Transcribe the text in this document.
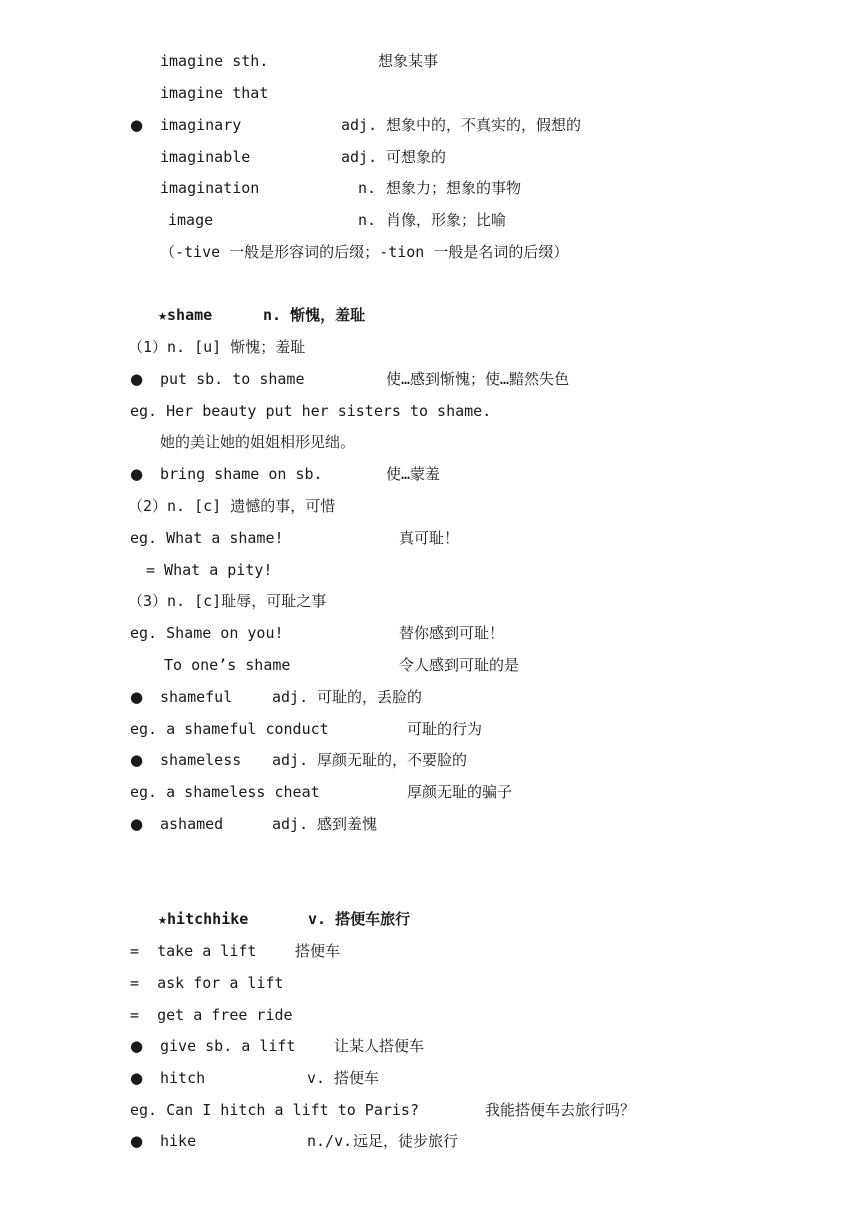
imagine sth.	想象某事
imagine that
● imaginary	adj. 想象中的，不真实的，假想的
imaginable	adj. 可想象的
imagination	n. 想象力；想象的事物
image	n. 肖像，形象；比喻
（-tive 一般是形容词的后缀；-tion 一般是名词的后缀）
★shame	n. 惭愧，羞耻
（1）n. [u] 惭愧；羞耻
● put sb. to shame	使…感到惭愧；使…黯然失色
eg. Her beauty put her sisters to shame.
她的美让她的姐姐相形见绌。
● bring shame on sb.	使…蒙羞
（2）n. [c] 遗憾的事，可惜
eg. What a shame!	真可耻！
= What a pity!
（3）n. [c]耻辱，可耻之事
eg. Shame on you!	替你感到可耻！
To one’s shame	令人感到可耻的是
● shameful	adj. 可耻的，丢脸的
eg. a shameful conduct	可耻的行为
● shameless adj. 厚颜无耻的，不要脸的
eg. a shameless cheat	厚颜无耻的骗子
● ashamed	adj. 感到羞愧
★hitchhike	v. 搭便车旅行
=  take a lift	搭便车
=  ask for a lift
=  get a free ride
● give sb. a lift	让某人搭便车
● hitch	v. 搭便车
eg. Can I hitch a lift to Paris?	我能搭便车去旅行吗？
● hike	n./v. 远足，徒步旅行
